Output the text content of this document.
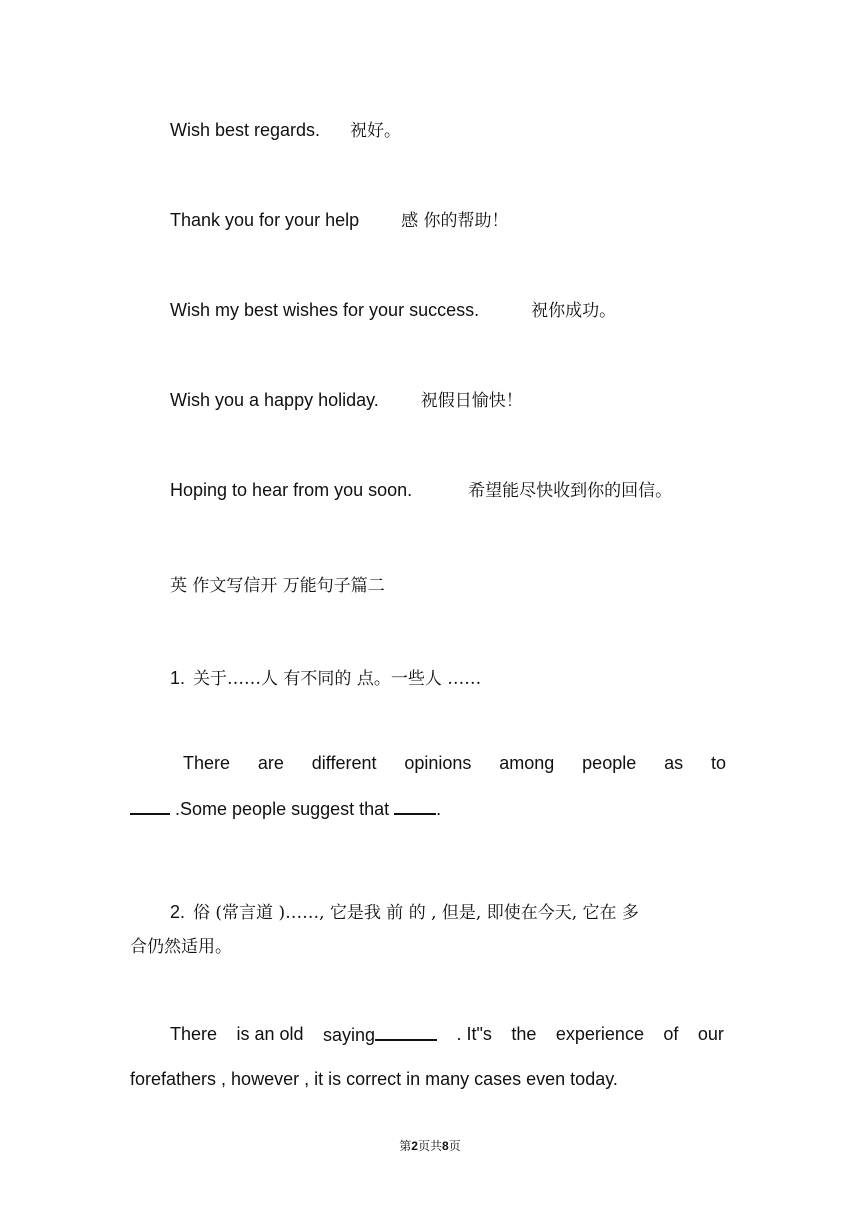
Wish best regards. 祝好。
Thank you for your help 感 你的帮助！
Wish my best wishes for your success.	祝你成功。
Wish you a happy holiday. 祝假日愉快！
Hoping to hear from you soon.	希望能尽快收到你的回信。
英 作文写信开 万能句子篇二
1. 关于……人 有不同的 点。一些人 ……
There are different opinions among people as to
.Some people suggest that .
2. 俗 (常言道 )……, 它是我 前 的 , 但是, 即使在今天, 它在 多
合仍然适用。
There is an old saying	. It"s the experience of our
forefathers , however , it is correct in many cases even today.
第2页共8页
